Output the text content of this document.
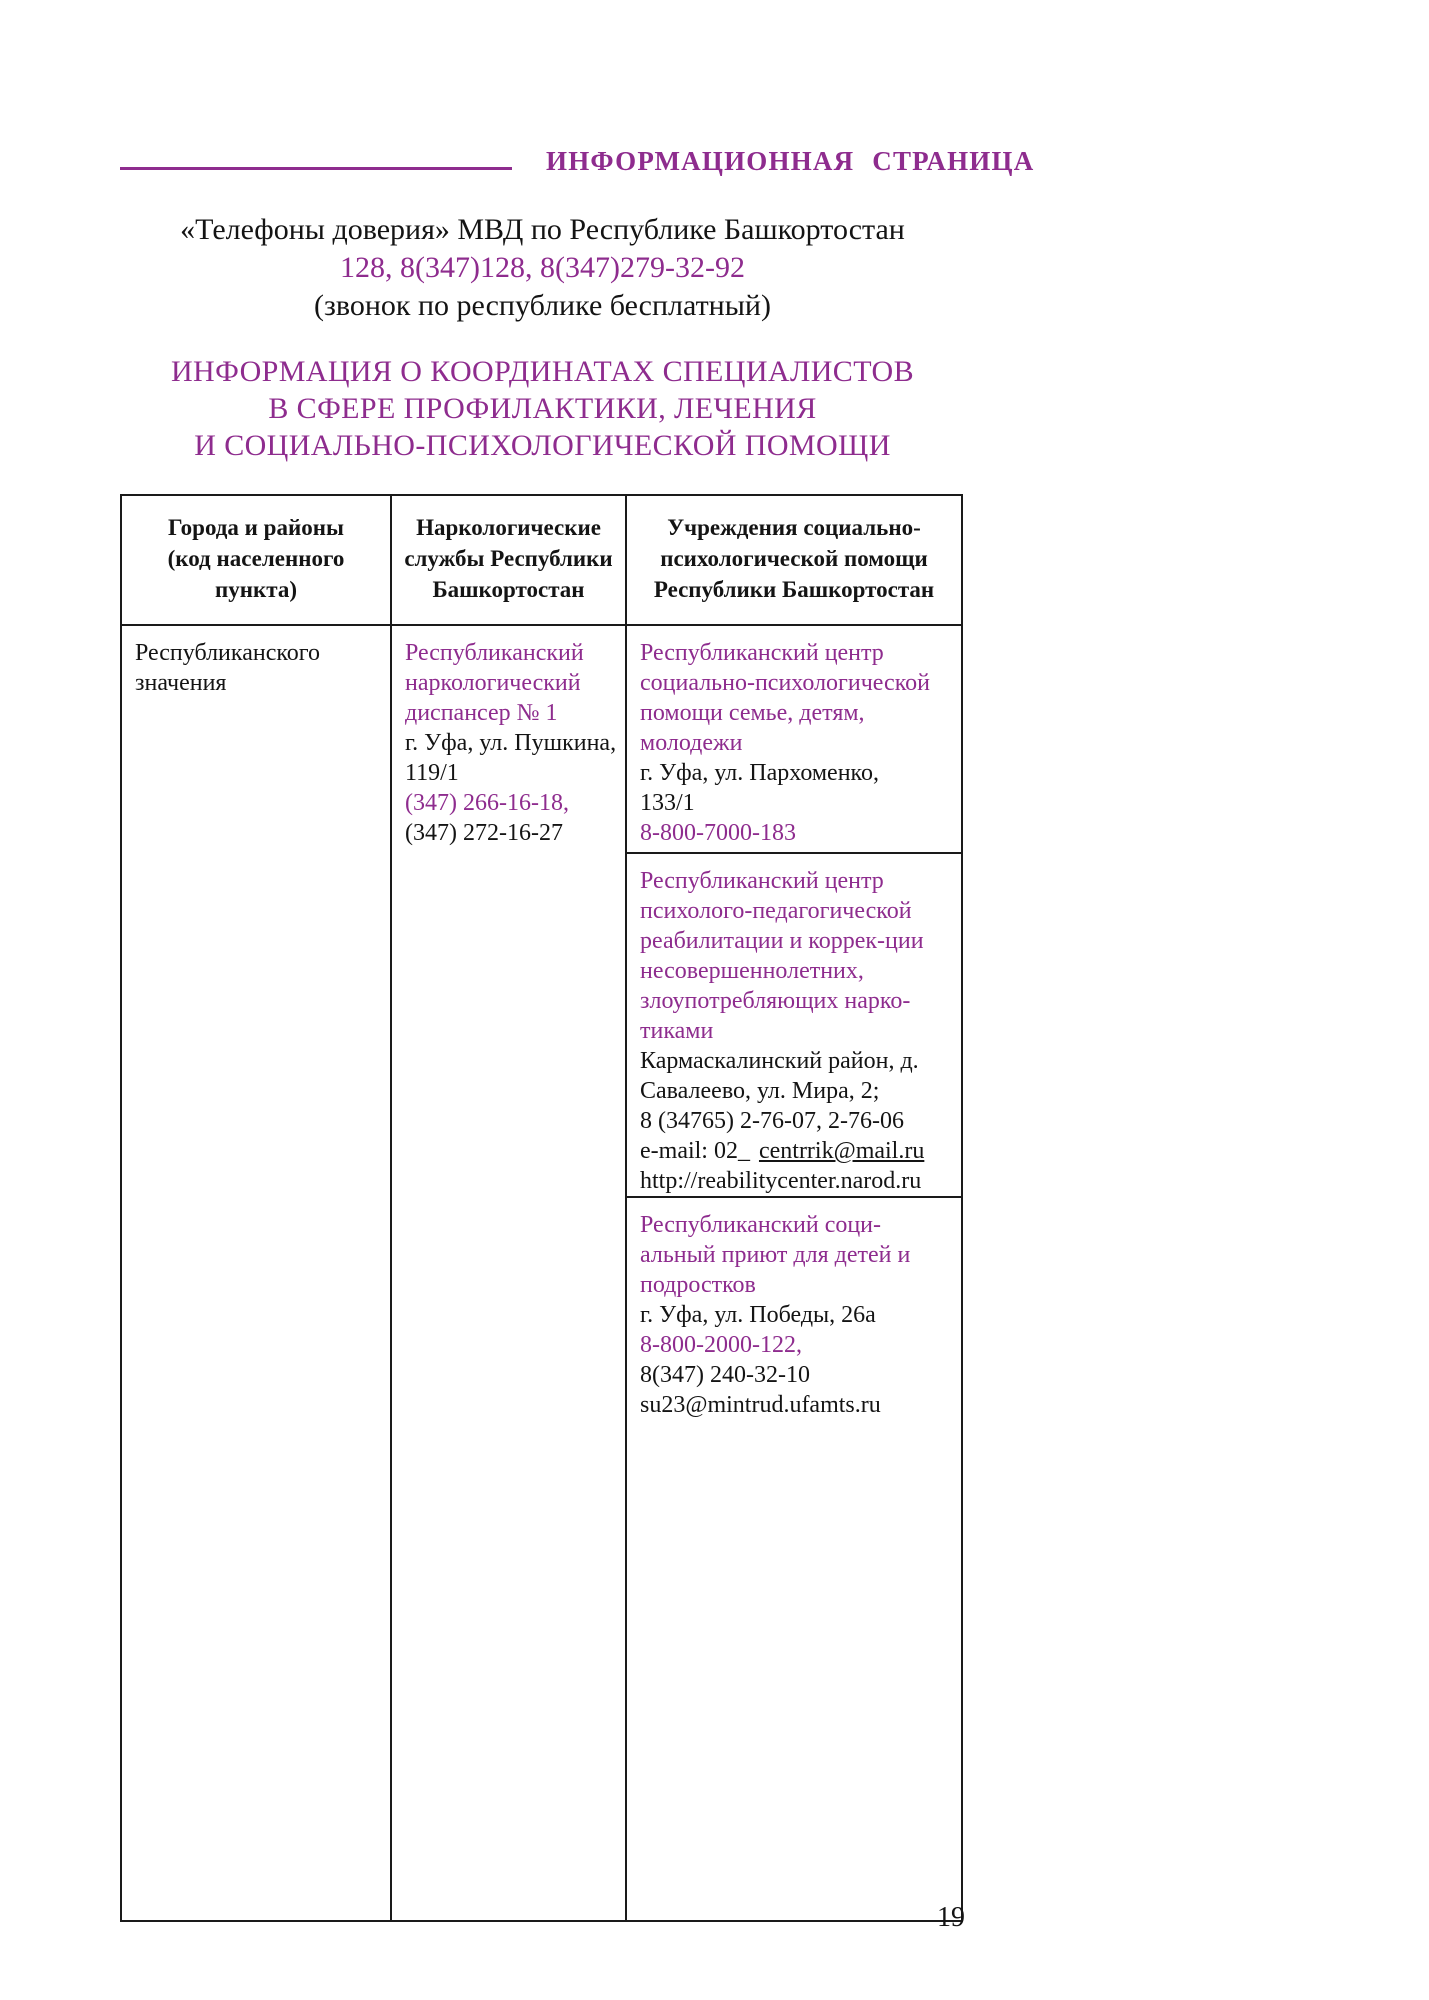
ИНФОРМАЦИОННАЯ СТРАНИЦА
«Телефоны доверия» МВД по Республике Башкортостан
128, 8(347)128, 8(347)279-32-92
(звонок по республике бесплатный)
ИНФОРМАЦИЯ О КООРДИНАТАХ СПЕЦИАЛИСТОВ
В СФЕРЕ ПРОФИЛАКТИКИ, ЛЕЧЕНИЯ
И СОЦИАЛЬНО-ПСИХОЛОГИЧЕСКОЙ ПОМОЩИ
Города и районы (код населенного пункта)
Наркологические службы Республики Башкортостан
Учреждения социально-психологической помощи Республики Башкортостан
Республиканского значения
Республиканский наркологический диспансер № 1
г. Уфа, ул. Пушкина, 119/1
(347) 266-16-18,
(347) 272-16-27
Республиканский центр социально-психологической помощи семье, детям, молодежи
г. Уфа, ул. Пархоменко,
133/1
8-800-7000-183
Республиканский центр психолого-педагогической реабилитации и коррек-ции несовершеннолетних, злоупотребляющих нарко-тиками
Кармаскалинский район, д. Савалеево, ул. Мира, 2;
8 (34765) 2-76-07, 2-76-06
e-mail: 02_ centrrik@mail.ru
http://reabilitycenter.narod.ru
Республиканский соци-альный приют для детей и подростков
г. Уфа, ул. Победы, 26а
8-800-2000-122,
8(347) 240-32-10
su23@mintrud.ufamts.ru
19
